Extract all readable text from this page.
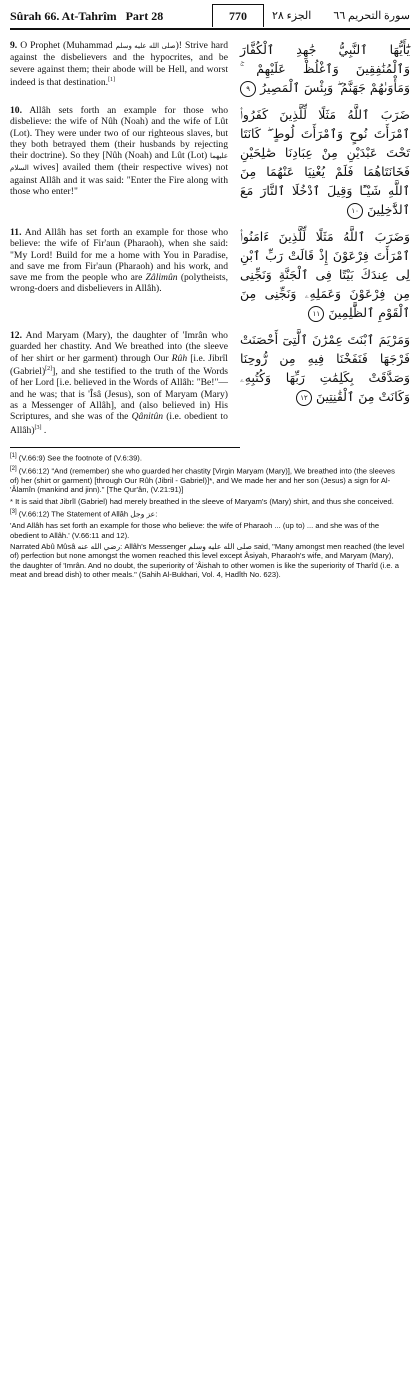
Sûrah 66. At-Tahrîm Part 28	770	الجزء ٢٨ سورة التحريم ٦٦
9. O Prophet (Muhammad صلى الله عليه وسلم)! Strive hard against the disbelievers and the hypocrites, and be severe against them; their abode will be Hell, and worst indeed is that destination.[1]
يَٰٓأَيُّهَا ٱلنَّبِيُّ جَٰهِدِ ٱلْكُفَّارَ وَٱلْمُنَٰفِقِينَ وَٱغْلُظْ عَلَيْهِمْ ۚ وَمَأْوَىٰهُمْ جَهَنَّمُ ۖ وَبِئْسَ ٱلْمَصِيرُ ٩
10. Allâh sets forth an example for those who disbelieve: the wife of Nûh (Noah) and the wife of Lût (Lot). They were under two of our righteous slaves, but they both betrayed them (their husbands by rejecting their doctrine). So they [Nûh (Noah) and Lût (Lot) عليهما السلام wives] availed them (their respective wives) not against Allâh and it was said: "Enter the Fire along with those who enter!"
ضَرَبَ ٱللَّهُ مَثَلًا لِّلَّذِينَ كَفَرُوا۟ ٱمْرَأَتَ نُوحٍ وَٱمْرَأَتَ لُوطٍ ۖ كَانَتَا تَحْتَ عَبْدَيْنِ مِنْ عِبَادِنَا صَٰلِحَيْنِ فَخَانَتَاهُمَا فَلَمْ يُغْنِيَا عَنْهُمَا مِنَ ٱللَّهِ شَيْـًٔا وَقِيلَ ٱدْخُلَا ٱلنَّارَ مَعَ ٱلدَّٰخِلِينَ ١٠
11. And Allâh has set forth an example for those who believe: the wife of Fir'aun (Pharaoh), when she said: "My Lord! Build for me a home with You in Paradise, and save me from Fir'aun (Pharaoh) and his work, and save me from the people who are Zâlimûn (polytheists, wrong-doers and disbelievers in Allâh).
وَضَرَبَ ٱللَّهُ مَثَلًا لِّلَّذِينَ ءَامَنُوا۟ ٱمْرَأَتَ فِرْعَوْنَ إِذْ قَالَتْ رَبِّ ٱبْنِ لِى عِندَكَ بَيْتًا فِى ٱلْجَنَّةِ وَنَجِّنِى مِن فِرْعَوْنَ وَعَمَلِهِۦ وَنَجِّنِى مِنَ ٱلْقَوْمِ ٱلظَّٰلِمِينَ ١١
12. And Maryam (Mary), the daughter of 'Imrân who guarded her chastity. And We breathed into (the sleeve of her shirt or her garment) through Our Rûh [i.e. Jibrîl (Gabriel)[2]], and she testified to the truth of the Words of her Lord [i.e. believed in the Words of Allâh: "Be!"— and he was; that is 'Îsâ (Jesus), son of Maryam (Mary) as a Messenger of Allâh], and (also believed in) His Scriptures, and she was of the Qânitûn (i.e. obedient to Allâh)[3] .
وَمَرْيَمَ ٱبْنَتَ عِمْرَٰنَ ٱلَّتِىٓ أَحْصَنَتْ فَرْجَهَا فَنَفَخْنَا فِيهِ مِن رُّوحِنَا وَصَدَّقَتْ بِكَلِمَٰتِ رَبِّهَا وَكُتُبِهِۦ وَكَانَتْ مِنَ ٱلْقَٰنِتِينَ ١٢

[1] (V.66:9) See the footnote of (V.6:39).

[2] (V.66:12) "And (remember) she who guarded her chastity [Virgin Maryam (Mary)], We breathed into (the sleeves of) her (shirt or garment) [through Our Rûh (Jibril - Gabriel)]*, and We made her and her son (Jesus) a sign for Al-'Âlamîn (mankind and jinn)." [The Qur'ân, (V.21:91)]

* It is said that Jibrîl (Gabriel) had merely breathed in the sleeve of Maryam's (Mary) shirt, and thus she conceived.

[3] (V.66:12) The Statement of Allâh عز وجل:

'And Allâh has set forth an example for those who believe: the wife of Pharaoh ... (up to) ... and she was of the obedient to Allâh.' (V.66:11 and 12).

Narrated Abû Mûsâ رضي الله عنه: Allâh's Messenger صلى الله عليه وسلم said, "Many amongst men reached (the level of) perfection but none amongst the women reached this level except Âsiyah, Pharaoh's wife, and Maryam (Mary), the daughter of 'Imrân. And no doubt, the superiority of 'Âishah to other women is like the superiority of Tharîd (i.e. a meat and bread dish) to other meals." (Sahih Al-Bukhari, Vol. 4, Hadîth No. 623).
